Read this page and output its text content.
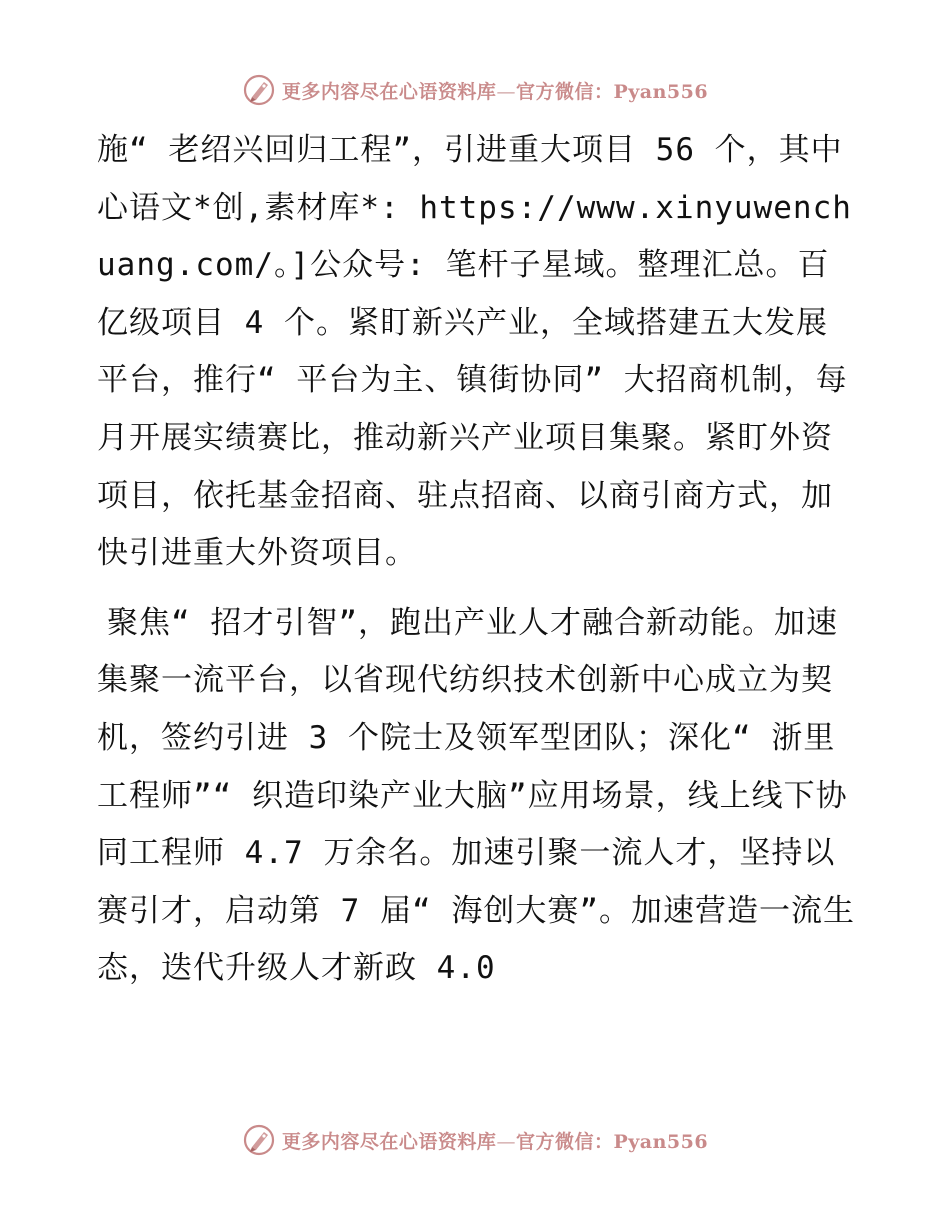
更多内容尽在心语资料库—官方微信：Pyan556

施“ 老绍兴回归工程”，引进重大项目 56 个，其中心语文*创,素材库*: https://www.xinyuwenchuang.com/。]公众号: 笔杆子星域。整理汇总。百亿级项目 4 个。紧盯新兴产业，全域搭建五大发展平台，推行“ 平台为主、镇街协同” 大招商机制，每月开展实绩赛比，推动新兴产业项目集聚。紧盯外资项目，依托基金招商、驻点招商、以商引商方式，加快引进重大外资项目。

聚焦“ 招才引智”，跑出产业人才融合新动能。加速集聚一流平台，以省现代纺织技术创新中心成立为契机，签约引进 3 个院士及领军型团队；深化“ 浙里工程师”“ 织造印染产业大脑”应用场景，线上线下协同工程师 4.7 万余名。加速引聚一流人才，坚持以赛引才，启动第 7 届“ 海创大赛”。加速营造一流生态，迭代升级人才新政 4.0

更多内容尽在心语资料库—官方微信：Pyan556
